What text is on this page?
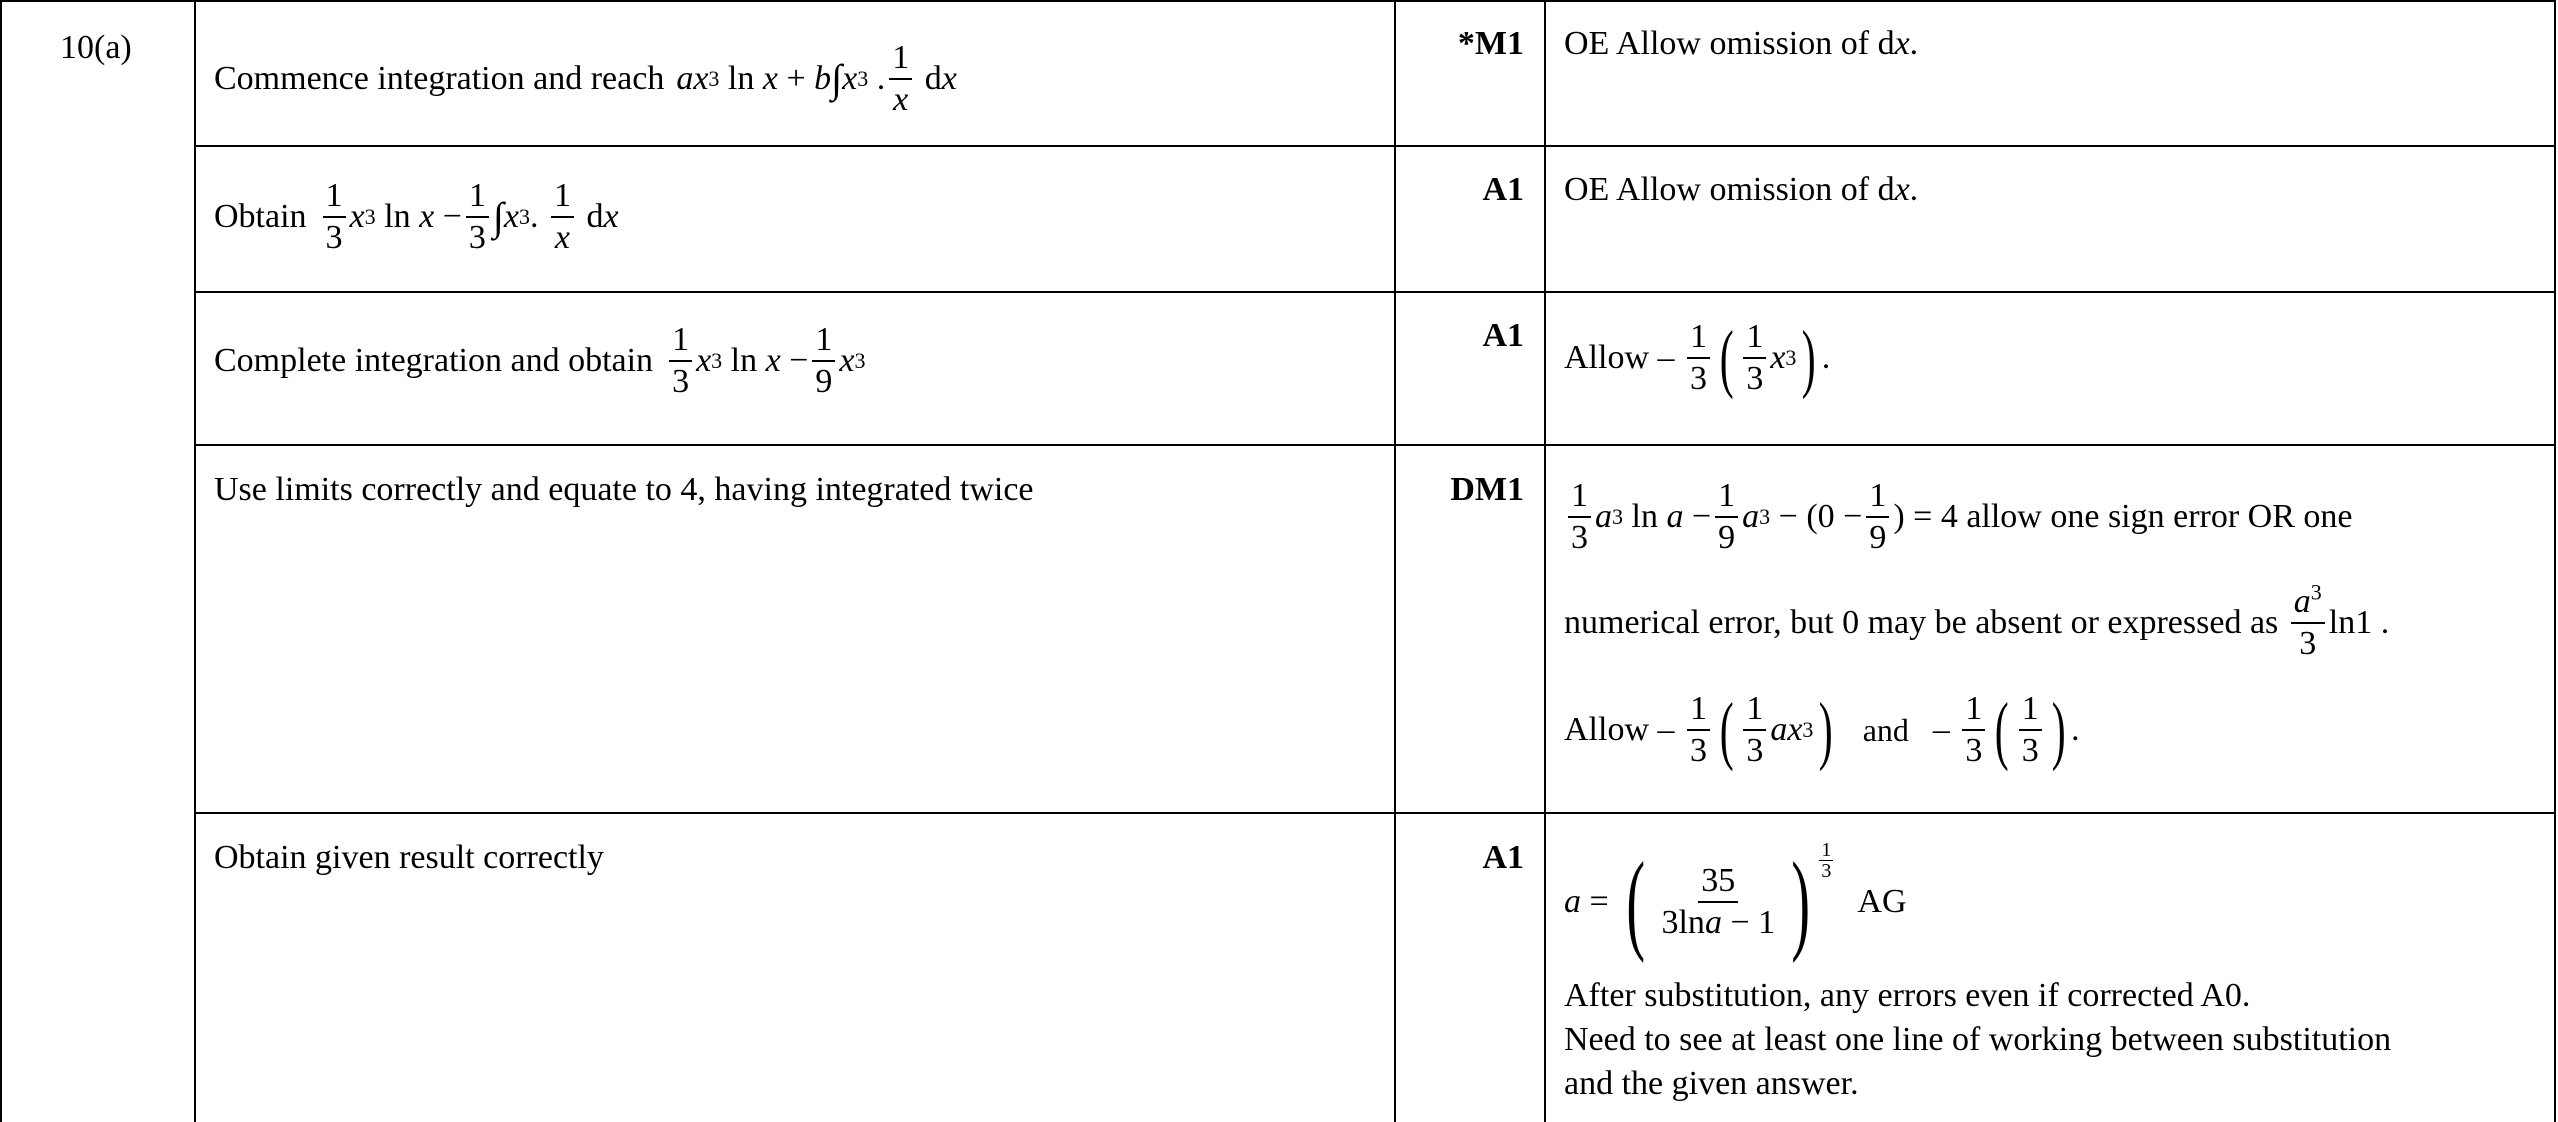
10(a)
Commence integration and reach ax 3 ln x + b ∫ x 3 . $\frac{1}{x}$ d x
*M1 OE Allow omission of dx.
Obtain $\frac{1}{3}$ x 3 $\ln x - \frac{1}{3}$ ∫ x 3 . $\frac{1}{x}$ d x
A1 OE Allow omission of dx.
Complete integration and obtain $\frac{1}{3}$ x 3 $\ln x - \frac{1}{9}$ x 3
A1
Allow –
$\frac{1}{3}$ ( $\frac{1}{3}$ x 3 ) .
Use limits correctly and equate to 4, having integrated twice	$DM1 \frac{1}{3}$ a 3 $\ln a - \frac{1}{9}$ a $3 - (0 - \frac{1}{9}$ ) = 4 allow one sign error OR one
numerical error, but 0 may be absent or expressed as
$\frac{a^3}{3} \ln 1$ .
Allow –
$\frac{1}{3}$ ( $\frac{1}{3}$ ax 3 ) and – $\frac{1}{3}$ ( $\frac{1}{3}$ ) .
Obtain given result correctly	A1
a = ( $\frac{35}{3\ln a - 1}$ ) 1
3
AG
After substitution, any errors even if corrected A0.
Need to see at least one line of working between substitution
and the given answer.
